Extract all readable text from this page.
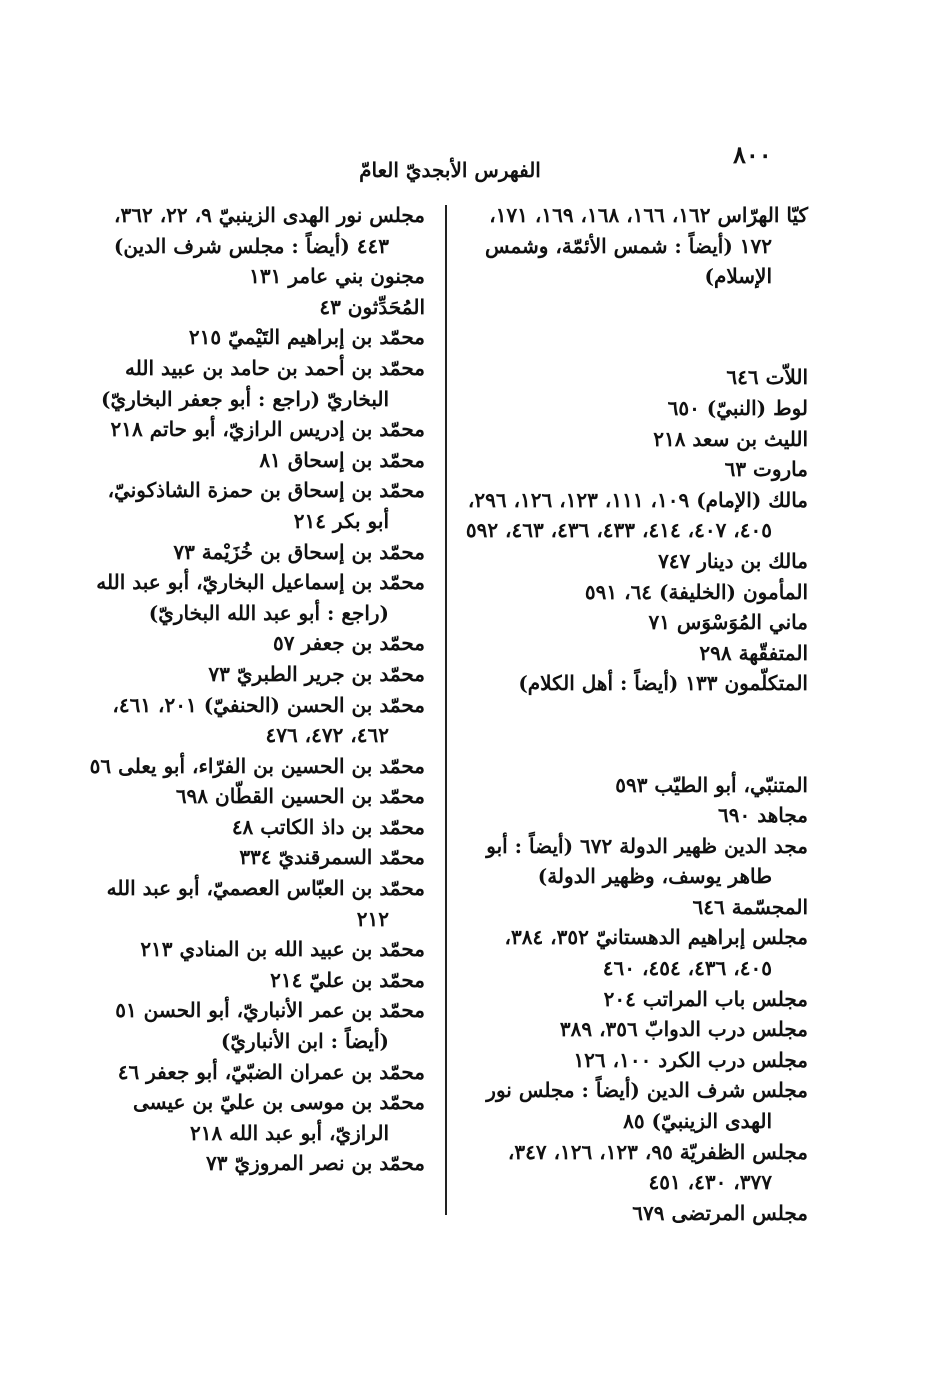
٨٠٠
الفهرس الأبجديّ العامّ

كيّا الهرّاس ١٦٢، ١٦٦، ١٦٨، ١٦٩، ١٧١، ١٧٢ (أيضاً : شمس الأئمّة، وشمس الإسلام)

اللاّت ٦٤٦

لوط (النبيّ) ٦٥٠

الليث بن سعد ٢١٨

ماروت ٦٣

مالك (الإمام) ١٠٩، ١١١، ١٢٣، ١٢٦، ٢٩٦، ٤٠٥، ٤٠٧، ٤١٤، ٤٣٣، ٤٣٦، ٤٦٣، ٥٩٢

مالك بن دينار ٧٤٧

المأمون (الخليفة) ٦٤، ٥٩١

ماني المُوَسْوَس ٧١

المتفقّهة ٢٩٨

المتكلّمون ١٣٣ (أيضاً : أهل الكلام)

المتنبّي، أبو الطيّب ٥٩٣

مجاهد ٦٩٠

مجد الدين ظهير الدولة ٦٧٢ (أيضاً : أبو طاهر يوسف، وظهير الدولة)

المجسّمة ٦٤٦

مجلس إبراهيم الدهستانيّ ٣٥٢، ٣٨٤، ٤٠٥، ٤٣٦، ٤٥٤، ٤٦٠

مجلس باب المراتب ٢٠٤

مجلس درب الدوابّ ٣٥٦، ٣٨٩

مجلس درب الكرد ١٠٠، ١٢٦

مجلس شرف الدين (أيضاً : مجلس نور الهدى الزينبيّ) ٨٥

مجلس الظفريّة ٩٥، ١٢٣، ١٢٦، ٣٤٧، ٣٧٧، ٤٣٠، ٤٥١

مجلس المرتضى ٦٧٩

مجلس نور الهدى الزينبيّ ٩، ٢٢، ٣٦٢، ٤٤٣ (أيضاً : مجلس شرف الدين)

مجنون بني عامر ١٣١

المُحَدِّثون ٤٣

محمّد بن إبراهيم التَيْميّ ٢١٥

محمّد بن أحمد بن حامد بن عبيد الله البخاريّ (راجع : أبو جعفر البخاريّ)

محمّد بن إدريس الرازيّ، أبو حاتم ٢١٨

محمّد بن إسحاق ٨١

محمّد بن إسحاق بن حمزة الشاذكونيّ، أبو بكر ٢١٤

محمّد بن إسحاق بن خُزَيْمة ٧٣

محمّد بن إسماعيل البخاريّ، أبو عبد الله (راجع : أبو عبد الله البخاريّ)

محمّد بن جعفر ٥٧

محمّد بن جرير الطبريّ ٧٣

محمّد بن الحسن (الحنفيّ) ٢٠١، ٤٦١، ٤٦٢، ٤٧٢، ٤٧٦

محمّد بن الحسين بن الفرّاء، أبو يعلى ٥٦

محمّد بن الحسين القطّان ٦٩٨

محمّد بن داذ الكاتب ٤٨

محمّد السمرقنديّ ٣٣٤

محمّد بن العبّاس العصميّ، أبو عبد الله ٢١٢

محمّد بن عبيد الله بن المنادي ٢١٣

محمّد بن عليّ ٢١٤

محمّد بن عمر الأنباريّ، أبو الحسن ٥١ (أيضاً : ابن الأنباريّ)

محمّد بن عمران الضبّيّ، أبو جعفر ٤٦

محمّد بن موسى بن عليّ بن عيسى الرازيّ، أبو عبد الله ٢١٨

محمّد بن نصر المروزيّ ٧٣
